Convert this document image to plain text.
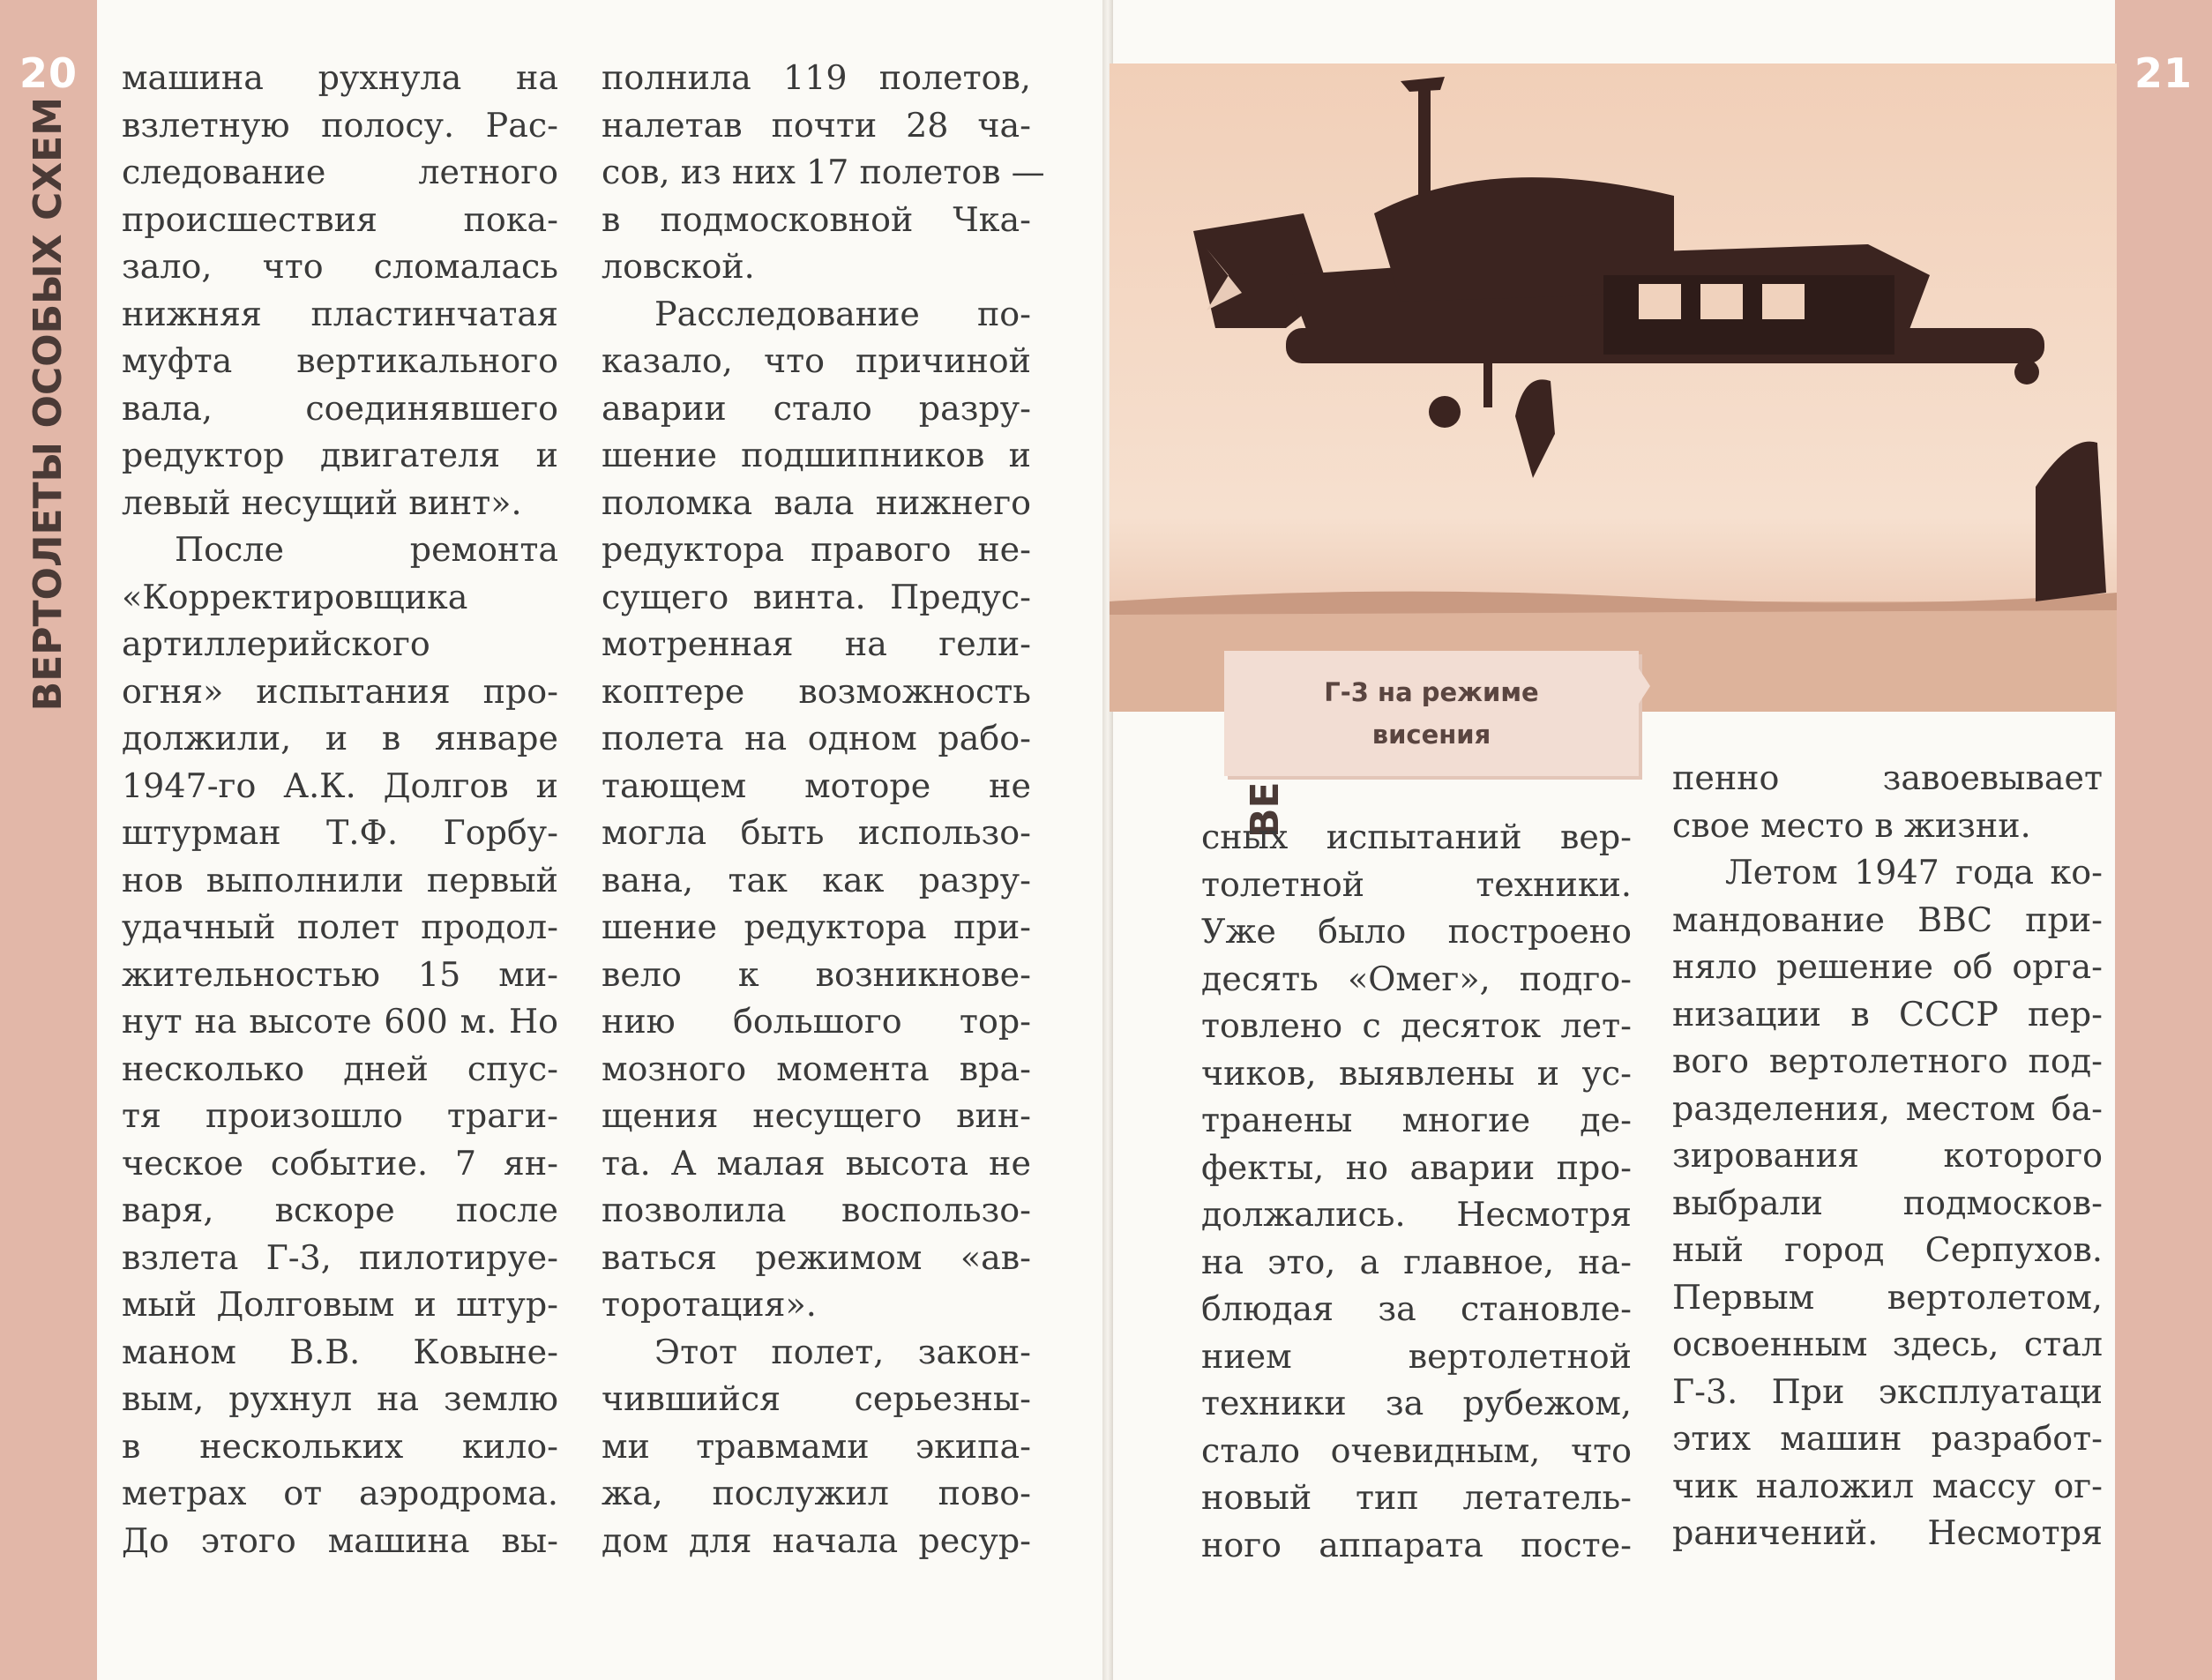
20
ВЕРТОЛЕТЫ ОСОБЫХ СХЕМ
машина рухнула на
взлетную полосу. Рас-
следование летного
происшествия пока-
зало, что сломалась
нижняя пластинчатая
муфта вертикального
вала, соединявшего
редуктор двигателя и
левый несущий винт».
После ремонта
«Корректировщика
артиллерийского
огня» испытания про-
должили, и в январе
1947-го А.К. Долгов и
штурман Т.Ф. Горбу-
нов выполнили первый
удачный полет продол-
жительностью 15 ми-
нут на высоте 600 м. Но
несколько дней спус-
тя произошло траги-
ческое событие. 7 ян-
варя, вскоре после
взлета Г-3, пилотируе-
мый Долговым и штур-
маном В.В. Ковыне-
вым, рухнул на землю
в нескольких кило-
метрах от аэродрома.
До этого машина вы-
полнила 119 полетов,
налетав почти 28 ча-
сов, из них 17 полетов —
в подмосковной Чка-
ловской.
Расследование по-
казало, что причиной
аварии стало разру-
шение подшипников и
поломка вала нижнего
редуктора правого не-
сущего винта. Предус-
мотренная на гели-
коптере возможность
полета на одном рабо-
тающем моторе не
могла быть использо-
вана, так как разру-
шение редуктора при-
вело к возникнове-
нию большого тор-
мозного момента вра-
щения несущего вин-
та. А малая высота не
позволила воспользо-
ваться режимом «ав-
торотация».
Этот полет, закон-
чившийся серьезны-
ми травмами экипа-
жа, послужил пово-
дом для начала ресур-
21
Г-3 на режиме
висения
сных испытаний вер-
толетной техники.
Уже было построено
десять «Омег», подго-
товлено с десяток лет-
чиков, выявлены и ус-
транены многие де-
фекты, но аварии про-
должались. Несмотря
на это, а главное, на-
блюдая за становле-
нием вертолетной
техники за рубежом,
стало очевидным, что
новый тип летатель-
ного аппарата посте-
пенно завоевывает
свое место в жизни.
Летом 1947 года ко-
мандование ВВС при-
няло решение об орга-
низации в СССР пер-
вого вертолетного под-
разделения, местом ба-
зирования которого
выбрали подмосков-
ный город Серпухов.
Первым вертолетом,
освоенным здесь, стал
Г-3. При эксплуатаци
этих машин разработ-
чик наложил массу ог-
раничений. Несмотря
